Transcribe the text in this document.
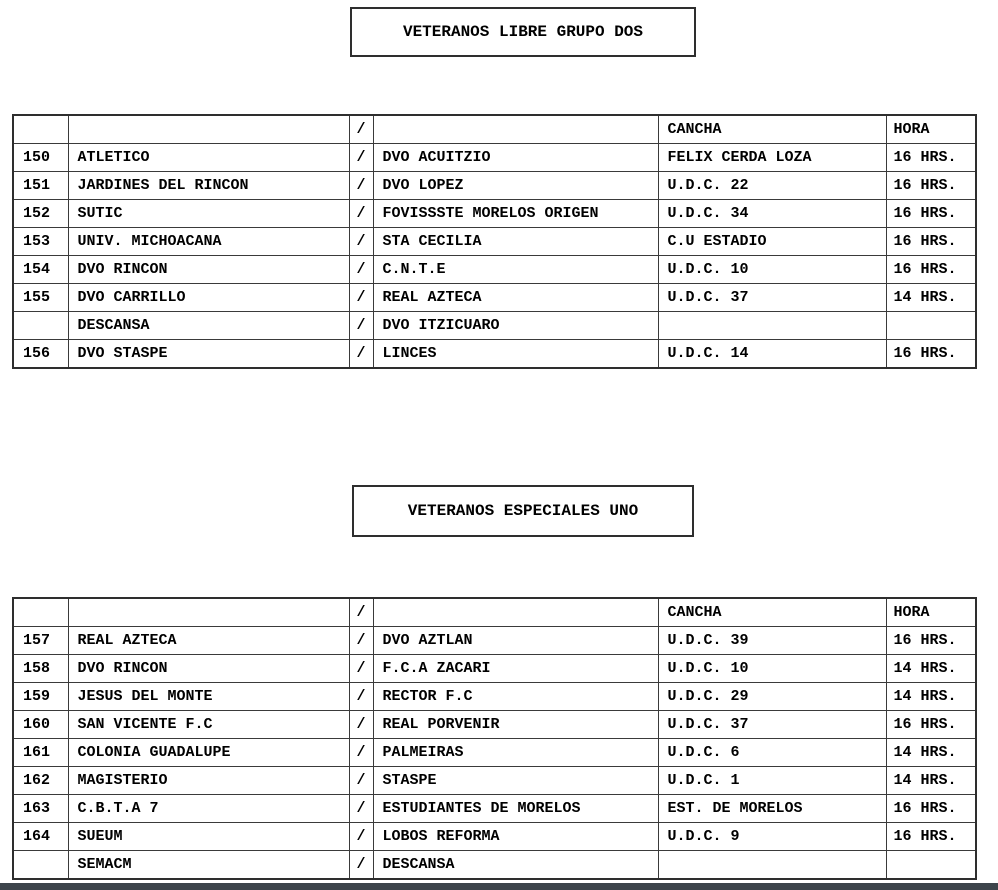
VETERANOS LIBRE GRUPO DOS
		/		CANCHA	HORA
150	ATLETICO	/	DVO ACUITZIO	FELIX CERDA LOZA	16 HRS.
151	JARDINES DEL RINCON	/	DVO LOPEZ	U.D.C. 22	16 HRS.
152	SUTIC	/	FOVISSSTE MORELOS ORIGEN	U.D.C. 34	16 HRS.
153	UNIV. MICHOACANA	/	STA CECILIA	C.U ESTADIO	16 HRS.
154	DVO RINCON	/	C.N.T.E	U.D.C. 10	16 HRS.
155	DVO CARRILLO	/	REAL AZTECA	U.D.C. 37	14 HRS.
	DESCANSA	/	DVO ITZICUARO		
156	DVO STASPE	/	LINCES	U.D.C. 14	16 HRS.
VETERANOS ESPECIALES UNO
		/		CANCHA	HORA
157	REAL AZTECA	/	DVO AZTLAN	U.D.C. 39	16 HRS.
158	DVO RINCON	/	F.C.A ZACARI	U.D.C. 10	14 HRS.
159	JESUS DEL MONTE	/	RECTOR F.C	U.D.C. 29	14 HRS.
160	SAN VICENTE F.C	/	REAL PORVENIR	U.D.C. 37	16 HRS.
161	COLONIA GUADALUPE	/	PALMEIRAS	U.D.C. 6	14 HRS.
162	MAGISTERIO	/	STASPE	U.D.C. 1	14 HRS.
163	C.B.T.A 7	/	ESTUDIANTES DE MORELOS	EST. DE MORELOS	16 HRS.
164	SUEUM	/	LOBOS REFORMA	U.D.C. 9	16 HRS.
	SEMACM	/	DESCANSA		
